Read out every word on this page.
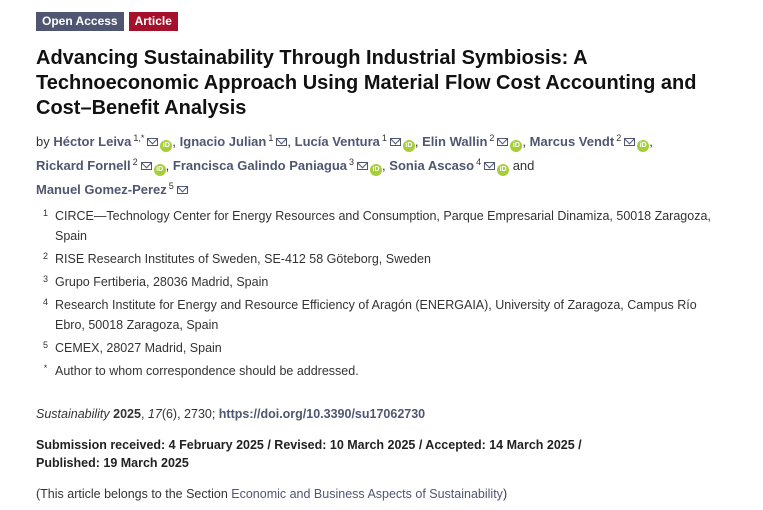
Open Access	Article
Advancing Sustainability Through Industrial Symbiosis: A Technoeconomic Approach Using Material Flow Cost Accounting and Cost–Benefit Analysis
by Héctor Leiva $^{1,*}$iD , Ignacio Julian $^1$ , Lucía Ventura $^1$iD , Elin Wallin $^2$iD , Marcus Vendt $^2$iD ,
Rickard Fornell $^2$iD , Francisca Galindo Paniagua $^3$iD , Sonia Ascaso $^4$iD and
Manuel Gomez-Perez $^5$
1 CIRCE—Technology Center for Energy Resources and Consumption, Parque Empresarial Dinamiza, 50018 Zaragoza, Spain
2 RISE Research Institutes of Sweden, SE-412 58 Göteborg, Sweden
3 Grupo Fertiberia, 28036 Madrid, Spain
4 Research Institute for Energy and Resource Efficiency of Aragón (ENERGAIA), University of Zaragoza, Campus Río Ebro, 50018 Zaragoza, Spain
5 CEMEX, 28027 Madrid, Spain
* Author to whom correspondence should be addressed.
Sustainability 2025, 17(6), 2730; https://doi.org/10.3390/su17062730
Submission received: 4 February 2025 / Revised: 10 March 2025 / Accepted: 14 March 2025 / Published: 19 March 2025
(This article belongs to the Section Economic and Business Aspects of Sustainability)
